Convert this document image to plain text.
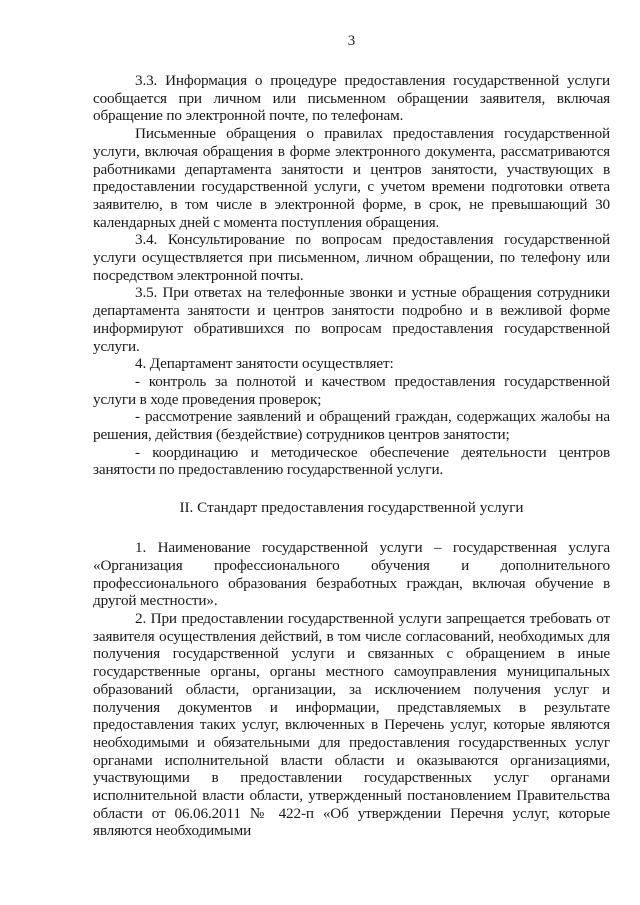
3

3.3. Информация о процедуре предоставления государственной услуги сообщается при личном или письменном обращении заявителя, включая обращение по электронной почте, по телефонам.

Письменные обращения о правилах предоставления государственной услуги, включая обращения в форме электронного документа, рассматриваются работниками департамента занятости и центров занятости, участвующих в предоставлении государственной услуги, с учетом времени подготовки ответа заявителю, в том числе в электронной форме, в срок, не превышающий 30 календарных дней с момента поступления обращения.

3.4. Консультирование по вопросам предоставления государственной услуги осуществляется при письменном, личном обращении, по телефону или посредством электронной почты.

3.5. При ответах на телефонные звонки и устные обращения сотрудники департамента занятости и центров занятости подробно и в вежливой форме информируют обратившихся по вопросам предоставления государственной услуги.

4. Департамент занятости осуществляет:

- контроль за полнотой и качеством предоставления государственной услуги в ходе проведения проверок;

- рассмотрение заявлений и обращений граждан, содержащих жалобы на решения, действия (бездействие) сотрудников центров занятости;

- координацию и методическое обеспечение деятельности центров занятости по предоставлению государственной услуги.

II. Стандарт предоставления государственной услуги

1. Наименование государственной услуги – государственная услуга «Организация профессионального обучения и дополнительного профессионального образования безработных граждан, включая обучение в другой местности».

2. При предоставлении государственной услуги запрещается требовать от заявителя осуществления действий, в том числе согласований, необходимых для получения государственной услуги и связанных с обращением в иные государственные органы, органы местного самоуправления муниципальных образований области, организации, за исключением получения услуг и получения документов и информации, представляемых в результате предоставления таких услуг, включенных в Перечень услуг, которые являются необходимыми и обязательными для предоставления государственных услуг органами исполнительной власти области и оказываются организациями, участвующими в предоставлении государственных услуг органами исполнительной власти области, утвержденный постановлением Правительства области от 06.06.2011 № 422-п «Об утверждении Перечня услуг, которые являются необходимыми
